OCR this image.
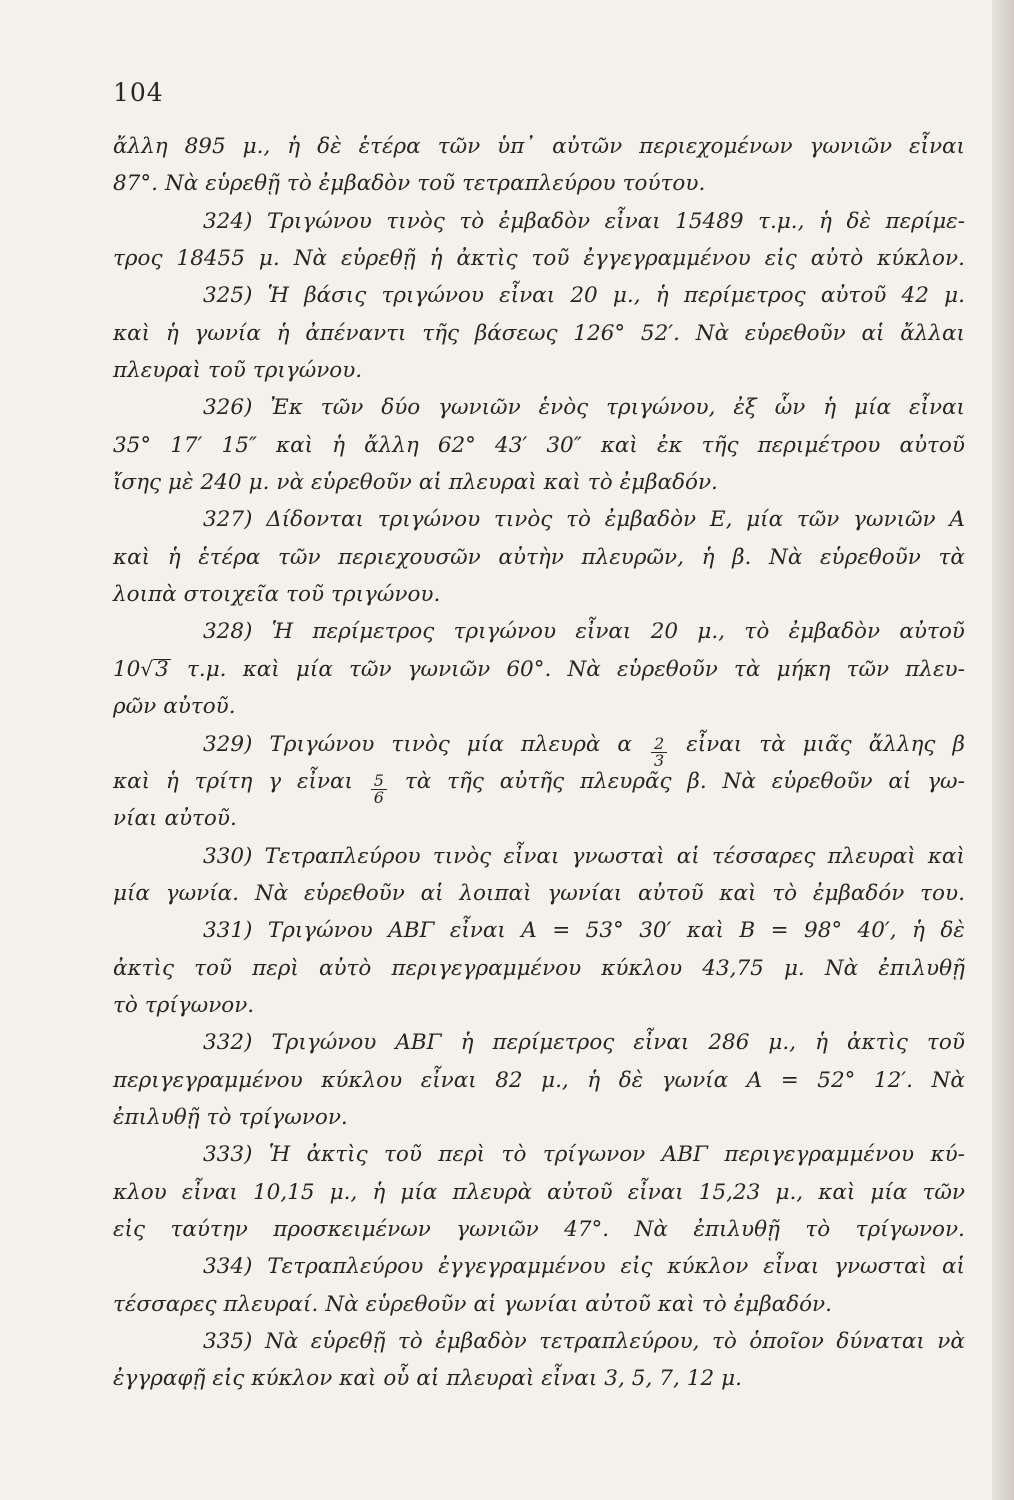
104
ἄλλη 895 μ., ἡ δὲ ἑτέρα τῶν ὑπ᾽ αὐτῶν περιεχομένων γωνιῶν εἶναι
87°. Νὰ εὑρεθῇ τὸ ἐμβαδὸν τοῦ τετραπλεύρου τούτου.
324) Τριγώνου τινὸς τὸ ἐμβαδὸν εἶναι 15489 τ.μ., ἡ δὲ περίμε-
τρος 18455 μ. Νὰ εὑρεθῇ ἡ ἀκτὶς τοῦ ἐγγεγραμμένου εἰς αὐτὸ κύκλον.
325) Ἡ βάσις τριγώνου εἶναι 20 μ., ἡ περίμετρος αὐτοῦ 42 μ.
καὶ ἡ γωνία ἡ ἀπέναντι τῆς βάσεως 126° 52′. Νὰ εὑρεθοῦν αἱ ἄλλαι
πλευραὶ τοῦ τριγώνου.
326) Ἐκ τῶν δύο γωνιῶν ἑνὸς τριγώνου, ἐξ ὧν ἡ μία εἶναι
35° 17′ 15″ καὶ ἡ ἄλλη 62° 43′ 30″ καὶ ἐκ τῆς περιμέτρου αὐτοῦ
ἴσης μὲ 240 μ. νὰ εὑρεθοῦν αἱ πλευραὶ καὶ τὸ ἐμβαδόν.
327) Δίδονται τριγώνου τινὸς τὸ ἐμβαδὸν Ε, μία τῶν γωνιῶν Α
καὶ ἡ ἑτέρα τῶν περιεχουσῶν αὐτὴν πλευρῶν, ἡ β. Νὰ εὑρεθοῦν τὰ
λοιπὰ στοιχεῖα τοῦ τριγώνου.
328) Ἡ περίμετρος τριγώνου εἶναι 20 μ., τὸ ἐμβαδὸν αὐτοῦ
10 √ 3 τ.μ. καὶ μία τῶν γωνιῶν 60°. Νὰ εὑρεθοῦν τὰ μήκη τῶν πλευ-
ρῶν αὐτοῦ.
329) Τριγώνου τινὸς μία πλευρὰ α $\frac{2}{3}$ εἶναι τὰ μιᾶς ἄλλης β
καὶ ἡ τρίτη γ εἶναι $\frac{5}{6}$ τὰ τῆς αὐτῆς πλευρᾶς β. Νὰ εὑρεθοῦν αἱ γω-
νίαι αὐτοῦ.
330) Τετραπλεύρου τινὸς εἶναι γνωσταὶ αἱ τέσσαρες πλευραὶ καὶ
μία γωνία. Νὰ εὑρεθοῦν αἱ λοιπαὶ γωνίαι αὐτοῦ καὶ τὸ ἐμβαδόν του.
331) Τριγώνου ΑΒΓ εἶναι Α = 53° 30′ καὶ Β = 98° 40′, ἡ δὲ
ἀκτὶς τοῦ περὶ αὐτὸ περιγεγραμμένου κύκλου 43,75 μ. Νὰ ἐπιλυθῇ
τὸ τρίγωνον.
332) Τριγώνου ΑΒΓ ἡ περίμετρος εἶναι 286 μ., ἡ ἀκτὶς τοῦ
περιγεγραμμένου κύκλου εἶναι 82 μ., ἡ δὲ γωνία Α = 52° 12′. Νὰ
ἐπιλυθῇ τὸ τρίγωνον.
333) Ἡ ἀκτὶς τοῦ περὶ τὸ τρίγωνον ΑΒΓ περιγεγραμμένου κύ-
κλου εἶναι 10,15 μ., ἡ μία πλευρὰ αὐτοῦ εἶναι 15,23 μ., καὶ μία τῶν
εἰς ταύτην προσκειμένων γωνιῶν 47°. Νὰ ἐπιλυθῇ τὸ τρίγωνον.
334) Τετραπλεύρου ἐγγεγραμμένου εἰς κύκλον εἶναι γνωσταὶ αἱ
τέσσαρες πλευραί. Νὰ εὑρεθοῦν αἱ γωνίαι αὐτοῦ καὶ τὸ ἐμβαδόν.
335) Νὰ εὑρεθῇ τὸ ἐμβαδὸν τετραπλεύρου, τὸ ὁποῖον δύναται νὰ
ἐγγραφῇ εἰς κύκλον καὶ οὗ αἱ πλευραὶ εἶναι 3, 5, 7, 12 μ.
